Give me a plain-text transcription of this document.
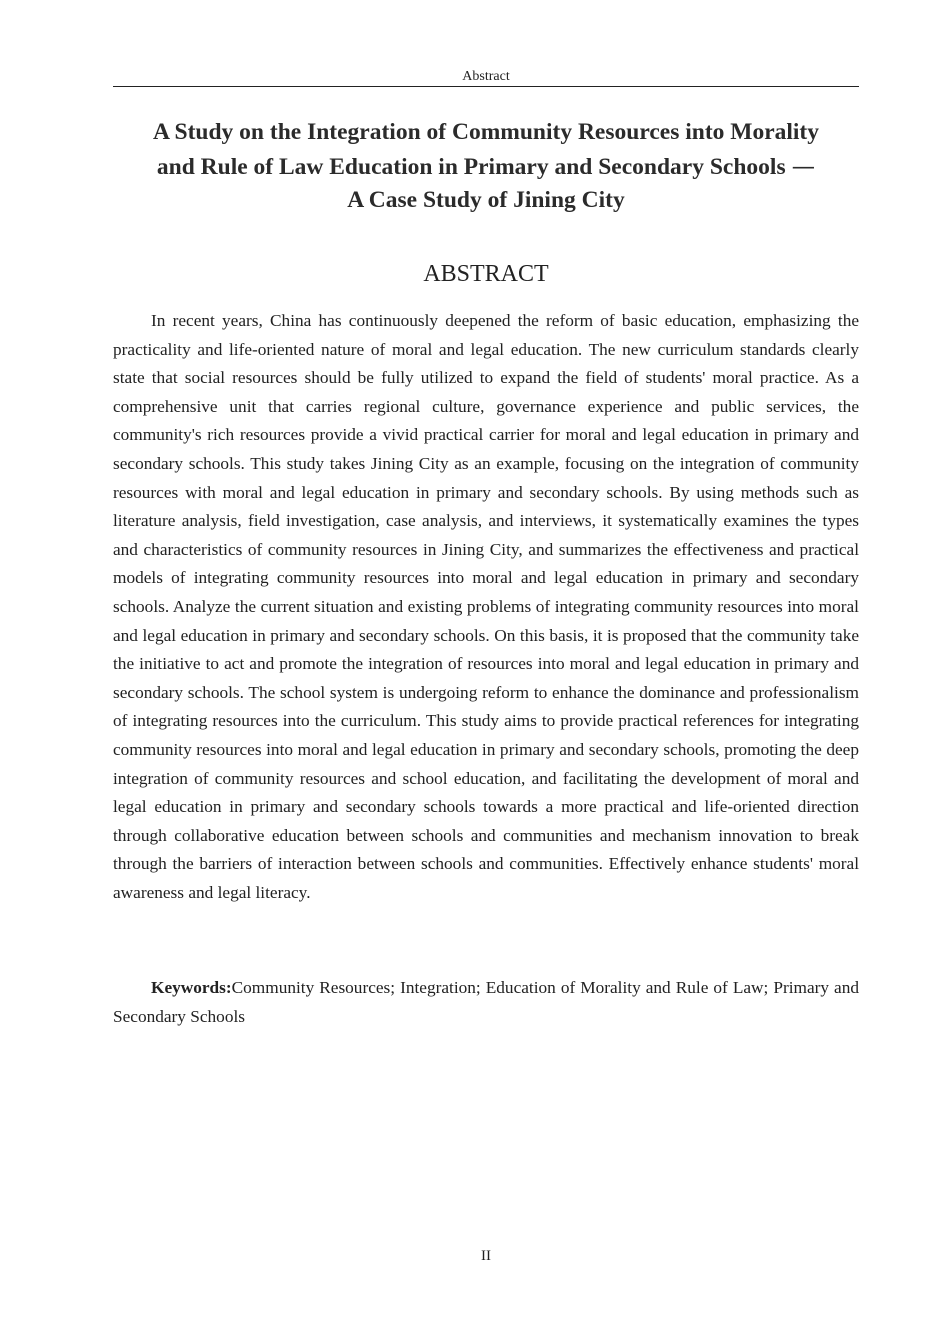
Abstract
A Study on the Integration of Community Resources into Morality
and Rule of Law Education in Primary and Secondary Schools —
A Case Study of Jining City
ABSTRACT

In recent years, China has continuously deepened the reform of basic education, emphasizing the practicality and life-oriented nature of moral and legal education. The new curriculum standards clearly state that social resources should be fully utilized to expand the field of students' moral practice. As a comprehensive unit that carries regional culture, governance experience and public services, the community's rich resources provide a vivid practical carrier for moral and legal education in primary and secondary schools. This study takes Jining City as an example, focusing on the integration of community resources with moral and legal education in primary and secondary schools. By using methods such as literature analysis, field investigation, case analysis, and interviews, it systematically examines the types and characteristics of community resources in Jining City, and summarizes the effectiveness and practical models of integrating community resources into moral and legal education in primary and secondary schools. Analyze the current situation and existing problems of integrating community resources into moral and legal education in primary and secondary schools. On this basis, it is proposed that the community take the initiative to act and promote the integration of resources into moral and legal education in primary and secondary schools. The school system is undergoing reform to enhance the dominance and professionalism of integrating resources into the curriculum. This study aims to provide practical references for integrating community resources into moral and legal education in primary and secondary schools, promoting the deep integration of community resources and school education, and facilitating the development of moral and legal education in primary and secondary schools towards a more practical and life-oriented direction through collaborative education between schools and communities and mechanism innovation to break through the barriers of interaction between schools and communities. Effectively enhance students' moral awareness and legal literacy.

Keywords:Community Resources; Integration; Education of Morality and Rule of Law; Primary and Secondary Schools

II
